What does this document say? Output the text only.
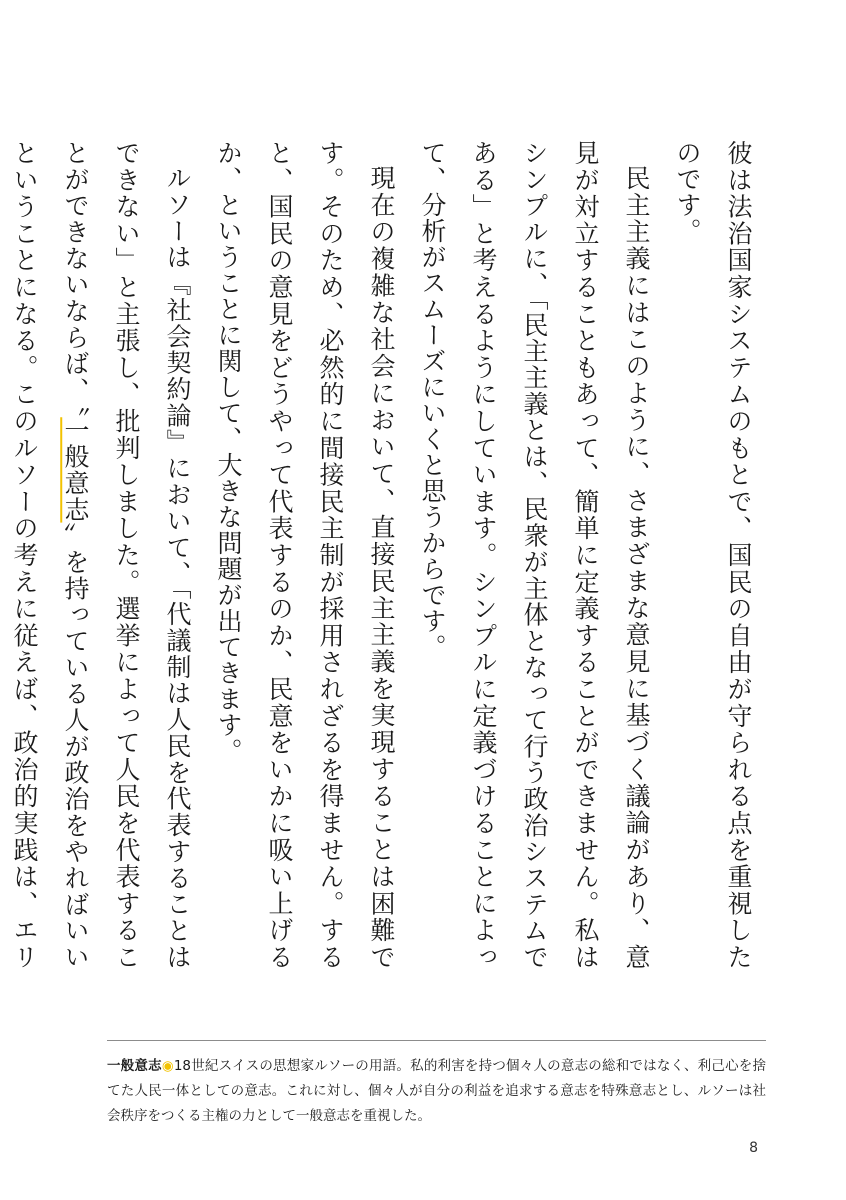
彼は法治国家システムのもとで、国民の自由が守られる点を重視したのです。

民主主義にはこのように、さまざまな意見に基づく議論があり、意見が対立することもあって、簡単に定義することができません。私はシンプルに、「民主主義とは、民衆が主体となって行う政治システムである」と考えるようにしています。シンプルに定義づけることによって、分析がスムーズにいくと思うからです。

現在の複雑な社会において、直接民主主義を実現することは困難です。そのため、必然的に間接民主制が採用されざるを得ません。すると、国民の意見をどうやって代表するのか、民意をいかに吸い上げるか、ということに関して、大きな問題が出てきます。

ルソーは『社会契約論』において、「代議制は人民を代表することはできない」と主張し、批判しました。選挙によって人民を代表することができないならば、〝一般意志〟を持っている人が政治をやればいいということになる。このルソーの考えに従えば、政治的実践は、エリ

一般意志◉18世紀スイスの思想家ルソーの用語。私的利害を持つ個々人の意志の総和ではなく、利己心を捨てた人民一体としての意志。これに対し、個々人が自分の利益を追求する意志を特殊意志とし、ルソーは社会秩序をつくる主権の力として一般意志を重視した。
8
